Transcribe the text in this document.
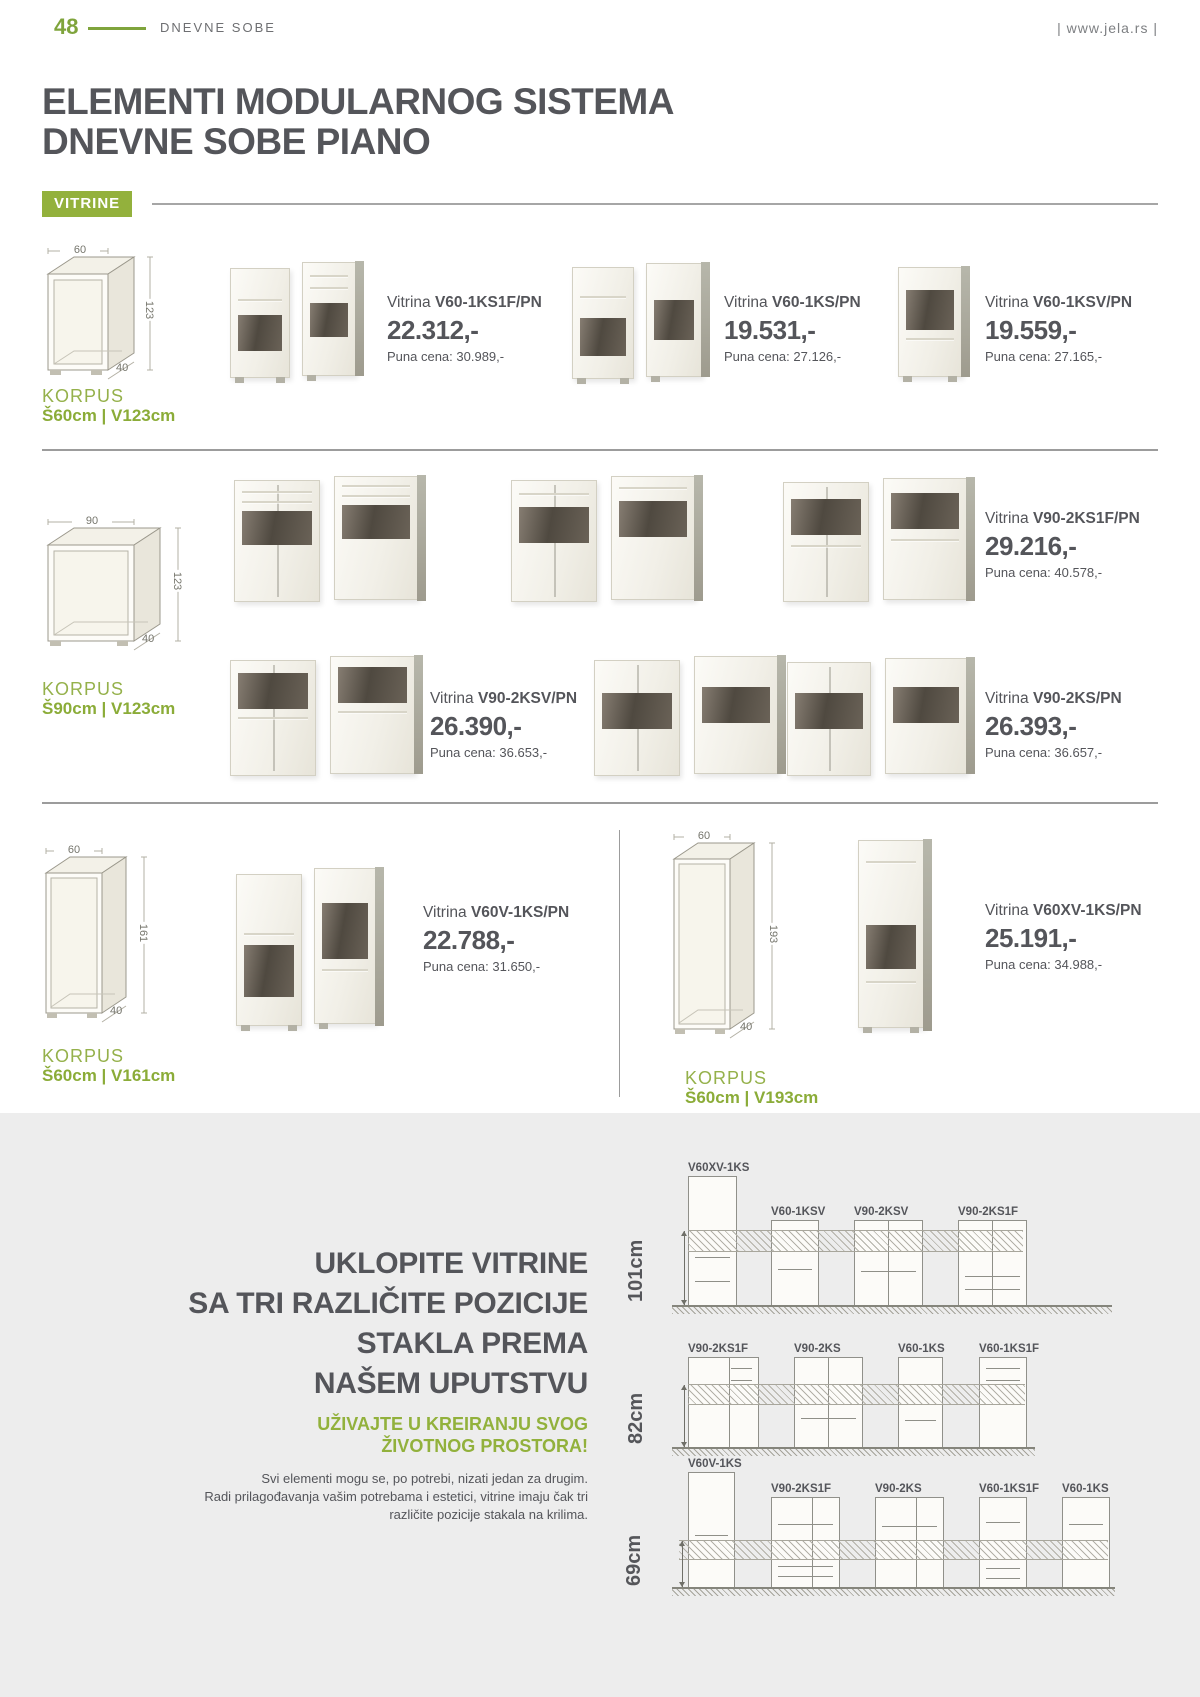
48	DNEVNE SOBE	| www.jela.rs |
ELEMENTI MODULARNOG SISTEMA
DNEVNE SOBE PIANO
VITRINE
60
123
40
KORPUS
Š60cm | V123cm
Vitrina V60-1KS1F/PN
22.312,-
Puna cena: 30.989,-
Vitrina V60-1KS/PN
19.531,-
Puna cena: 27.126,-
Vitrina V60-1KSV/PN
19.559,-
Puna cena: 27.165,-
90
123
40
KORPUS
Š90cm | V123cm
Vitrina V90-2KS1F/PN
29.216,-
Puna cena: 40.578,-
Vitrina V90-2KSV/PN
26.390,-
Puna cena: 36.653,-
Vitrina V90-2KS/PN
26.393,-
Puna cena: 36.657,-
60
161
40
KORPUS
Š60cm | V161cm
Vitrina V60V-1KS/PN
22.788,-
Puna cena: 31.650,-
60
193
40
KORPUS
Š60cm | V193cm
Vitrina V60XV-1KS/PN
25.191,-
Puna cena: 34.988,-
UKLOPITE VITRINE
SA TRI RAZLIČITE POZICIJE
STAKLA PREMA
NAŠEM UPUTSTVU
UŽIVAJTE U KREIRANJU SVOG
ŽIVOTNOG PROSTORA!
Svi elementi mogu se, po potrebi, nizati jedan za drugim.
Radi prilagođavanja vašim potrebama i estetici, vitrine imaju čak tri
različite pozicije stakala na krilima.
V60XV-1KS
V60-1KSV V90-2KSV	V90-2KS1F
101cm
V90-2KS1F	V90-2KS	V60-1KS	V60-1KS1F
82cm
V60V-1KS
V90-2KS1F	V90-2KS	V60-1KS1F V60-1KS
69cm
